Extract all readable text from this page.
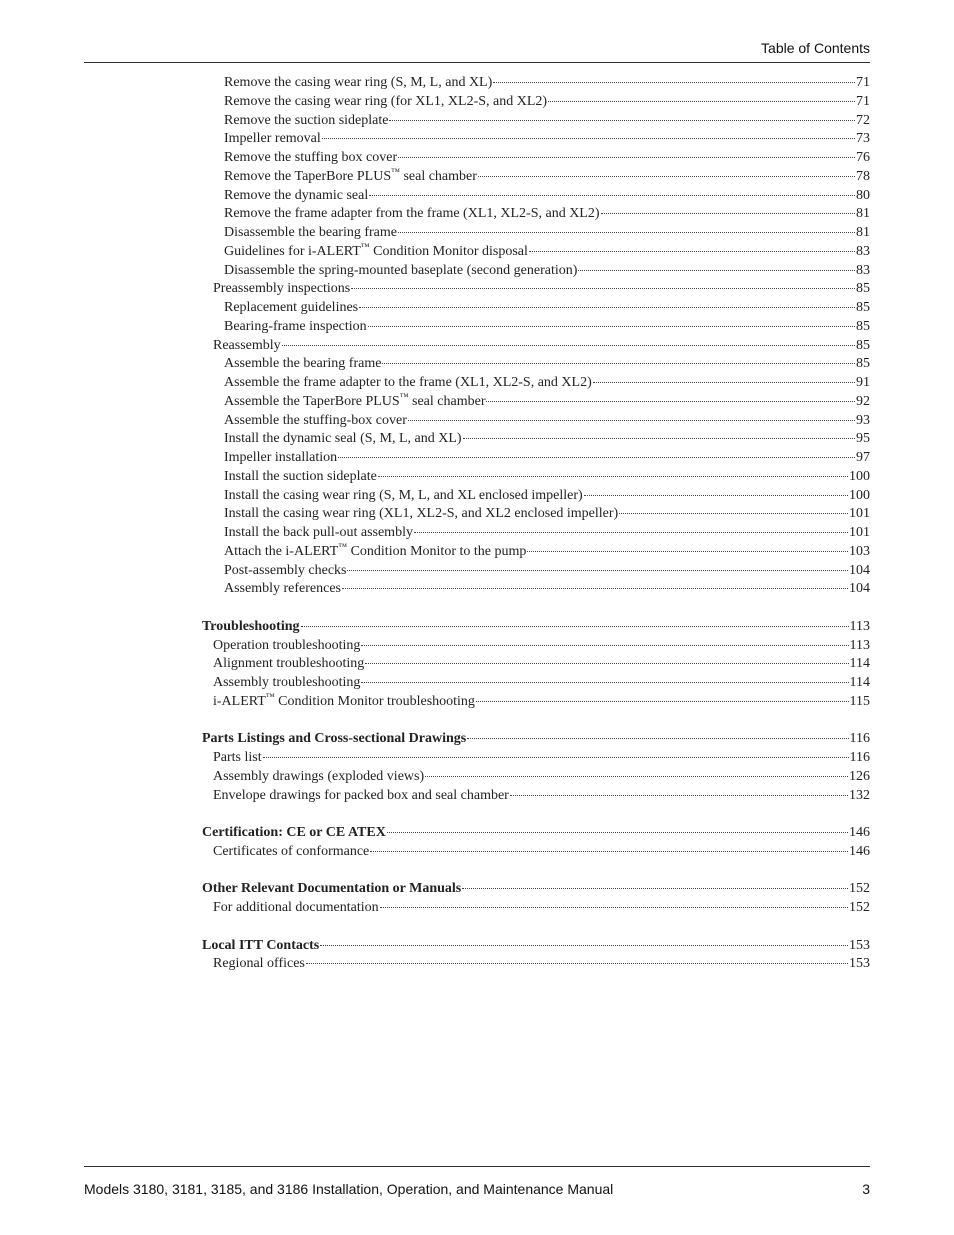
Table of Contents
Remove the casing wear ring (S, M, L, and XL)	71
Remove the casing wear ring (for XL1, XL2-S, and XL2)	71
Remove the suction sideplate	72
Impeller removal	73
Remove the stuffing box cover	76
Remove the TaperBore PLUS™ seal chamber	78
Remove the dynamic seal	80
Remove the frame adapter from the frame (XL1, XL2-S, and XL2)	81
Disassemble the bearing frame	81
Guidelines for i-ALERT™ Condition Monitor disposal	83
Disassemble the spring-mounted baseplate (second generation)	83
Preassembly inspections	85
Replacement guidelines	85
Bearing-frame inspection	85
Reassembly	85
Assemble the bearing frame	85
Assemble the frame adapter to the frame (XL1, XL2-S, and XL2)	91
Assemble the TaperBore PLUS™ seal chamber	92
Assemble the stuffing-box cover	93
Install the dynamic seal (S, M, L, and XL)	95
Impeller installation	97
Install the suction sideplate	100
Install the casing wear ring (S, M, L, and XL enclosed impeller)	100
Install the casing wear ring (XL1, XL2-S, and XL2 enclosed impeller)	101
Install the back pull-out assembly	101
Attach the i-ALERT™ Condition Monitor to the pump	103
Post-assembly checks	104
Assembly references	104
Troubleshooting	113
Operation troubleshooting	113
Alignment troubleshooting	114
Assembly troubleshooting	114
i-ALERT™ Condition Monitor troubleshooting	115
Parts Listings and Cross-sectional Drawings	116
Parts list	116
Assembly drawings (exploded views)	126
Envelope drawings for packed box and seal chamber	132
Certification: CE or CE ATEX	146
Certificates of conformance	146
Other Relevant Documentation or Manuals	152
For additional documentation	152
Local ITT Contacts	153
Regional offices	153
Models 3180, 3181, 3185, and 3186 Installation, Operation, and Maintenance Manual	3
